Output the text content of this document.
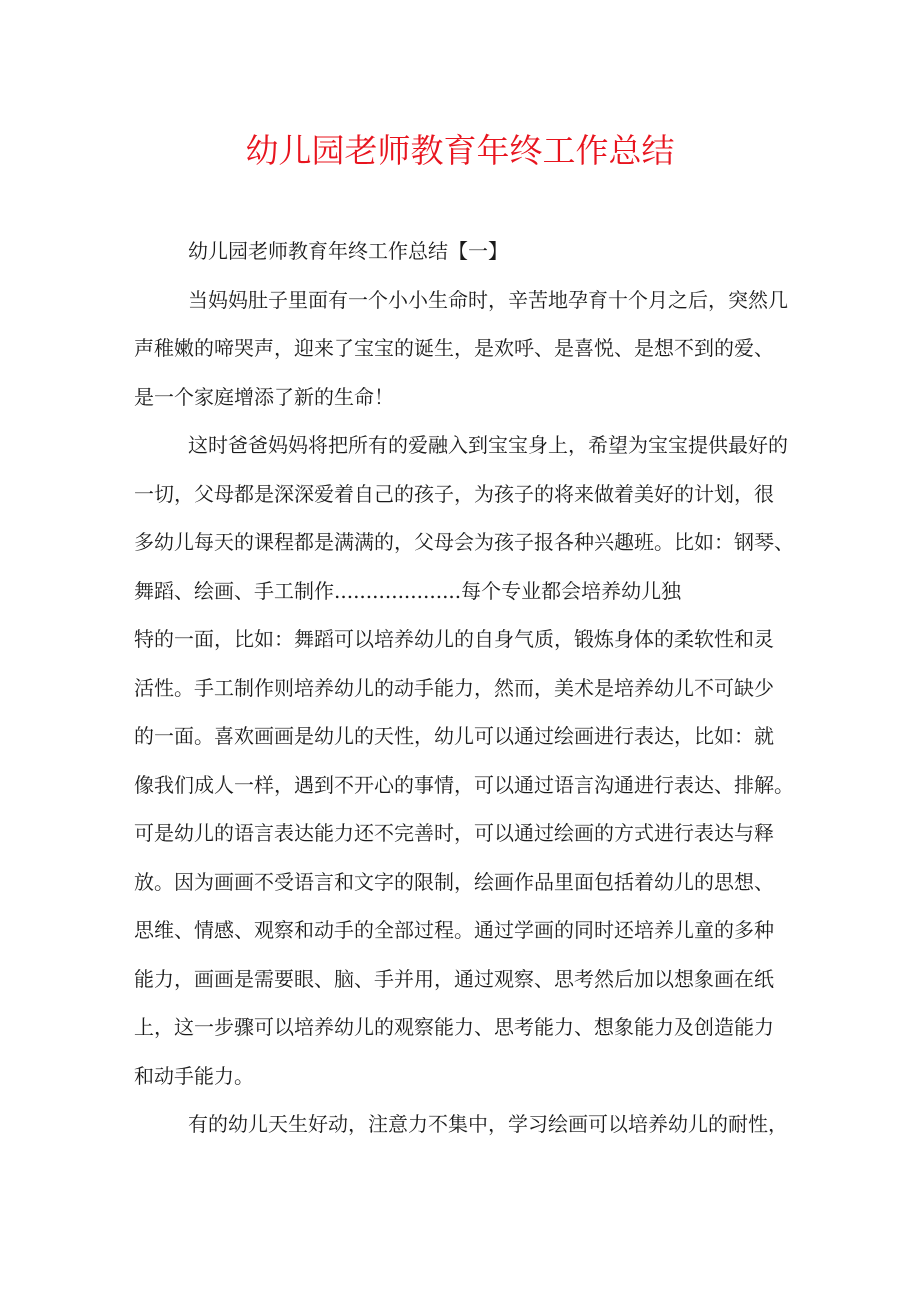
幼儿园老师教育年终工作总结
幼儿园老师教育年终工作总结【一】
当妈妈肚子里面有一个小小生命时，辛苦地孕育十个月之后，突然几
声稚嫩的啼哭声，迎来了宝宝的诞生，是欢呼、是喜悦、是想不到的爱、
是一个家庭增添了新的生命！
这时爸爸妈妈将把所有的爱融入到宝宝身上，希望为宝宝提供最好的
一切，父母都是深深爱着自己的孩子，为孩子的将来做着美好的计划，很
多幼儿每天的课程都是满满的，父母会为孩子报各种兴趣班。比如：钢琴、
舞蹈、绘画、手工制作....................每个专业都会培养幼儿独
特的一面，比如：舞蹈可以培养幼儿的自身气质，锻炼身体的柔软性和灵
活性。手工制作则培养幼儿的动手能力，然而，美术是培养幼儿不可缺少
的一面。喜欢画画是幼儿的天性，幼儿可以通过绘画进行表达，比如：就
像我们成人一样，遇到不开心的事情，可以通过语言沟通进行表达、排解。
可是幼儿的语言表达能力还不完善时，可以通过绘画的方式进行表达与释
放。因为画画不受语言和文字的限制，绘画作品里面包括着幼儿的思想、
思维、情感、观察和动手的全部过程。通过学画的同时还培养儿童的多种
能力，画画是需要眼、脑、手并用，通过观察、思考然后加以想象画在纸
上，这一步骤可以培养幼儿的观察能力、思考能力、想象能力及创造能力
和动手能力。
有的幼儿天生好动，注意力不集中，学习绘画可以培养幼儿的耐性，
